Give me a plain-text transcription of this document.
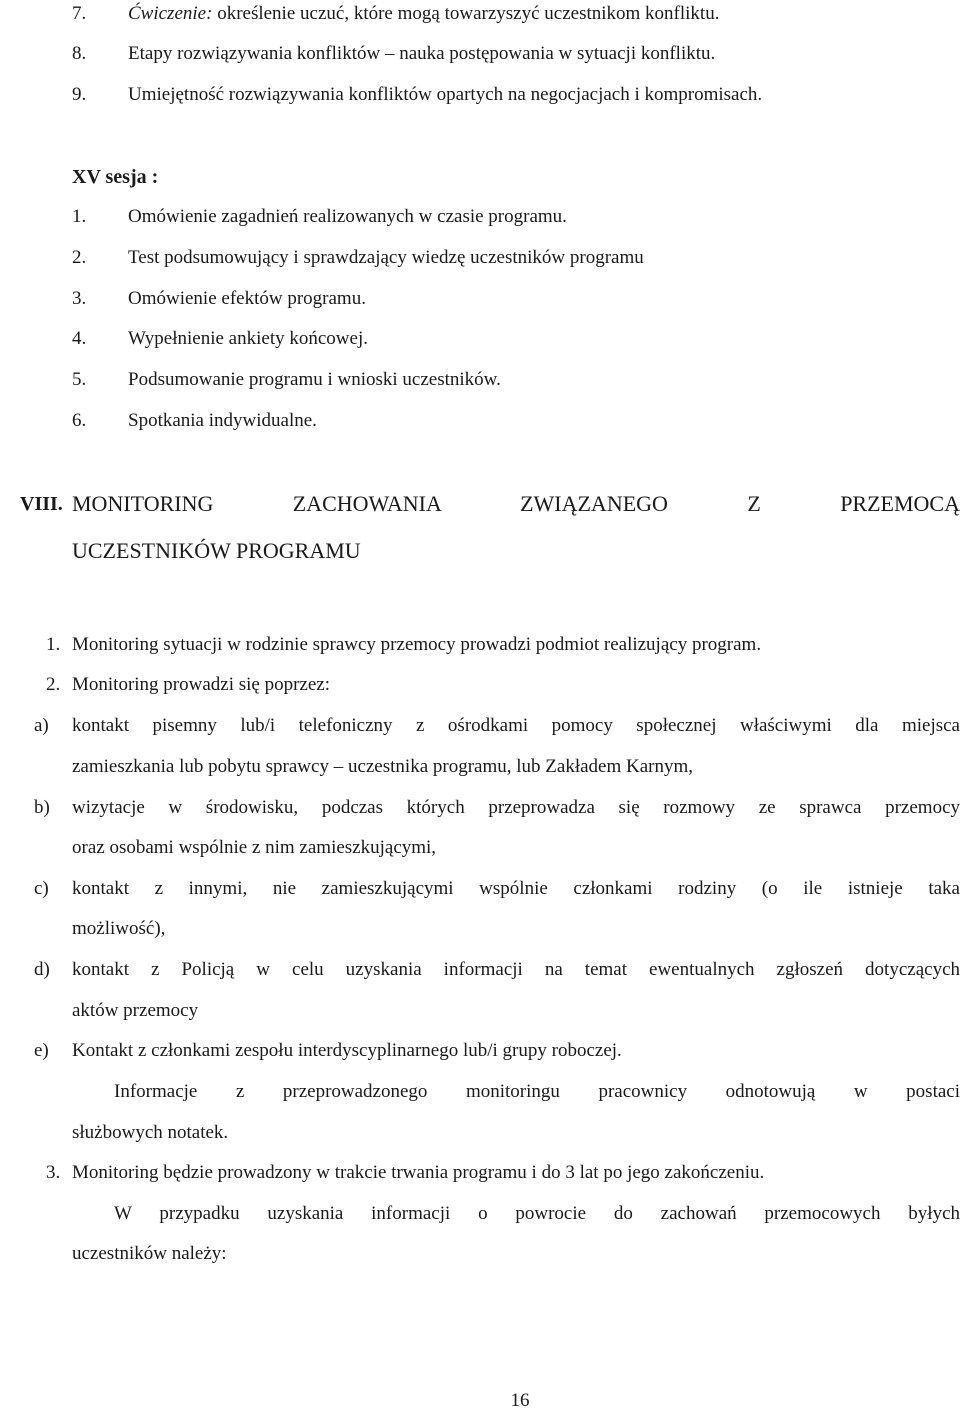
7. Ćwiczenie: określenie uczuć, które mogą towarzyszyć uczestnikom konfliktu.
8. Etapy rozwiązywania konfliktów – nauka postępowania w sytuacji konfliktu.
9. Umiejętność rozwiązywania konfliktów opartych na negocjacjach i kompromisach.
XV sesja :
1. Omówienie zagadnień realizowanych w czasie programu.
2. Test podsumowujący i sprawdzający wiedzę uczestników programu
3. Omówienie efektów programu.
4. Wypełnienie ankiety końcowej.
5. Podsumowanie programu i wnioski uczestników.
6. Spotkania indywidualne.
VIII. MONITORING ZACHOWANIA ZWIĄZANEGO Z PRZEMOCĄ
UCZESTNIKÓW PROGRAMU
1. Monitoring sytuacji w rodzinie sprawcy przemocy prowadzi podmiot realizujący program.
2. Monitoring prowadzi się poprzez:
a) kontakt pisemny lub/i telefoniczny z ośrodkami pomocy społecznej właściwymi dla miejsca
zamieszkania lub pobytu sprawcy – uczestnika programu, lub Zakładem Karnym,
b) wizytacje w środowisku, podczas których przeprowadza się rozmowy ze sprawca przemocy
oraz osobami wspólnie z nim zamieszkującymi,
c) kontakt z innymi, nie zamieszkującymi wspólnie członkami rodziny (o ile istnieje taka
możliwość),
d) kontakt z Policją w celu uzyskania informacji na temat ewentualnych zgłoszeń dotyczących
aktów przemocy
e) Kontakt z członkami zespołu interdyscyplinarnego lub/i grupy roboczej.
Informacje z przeprowadzonego monitoringu pracownicy odnotowują w postaci
służbowych notatek.
3. Monitoring będzie prowadzony w trakcie trwania programu i do 3 lat po jego zakończeniu.
W przypadku uzyskania informacji o powrocie do zachowań przemocowych byłych
uczestników należy:
16
